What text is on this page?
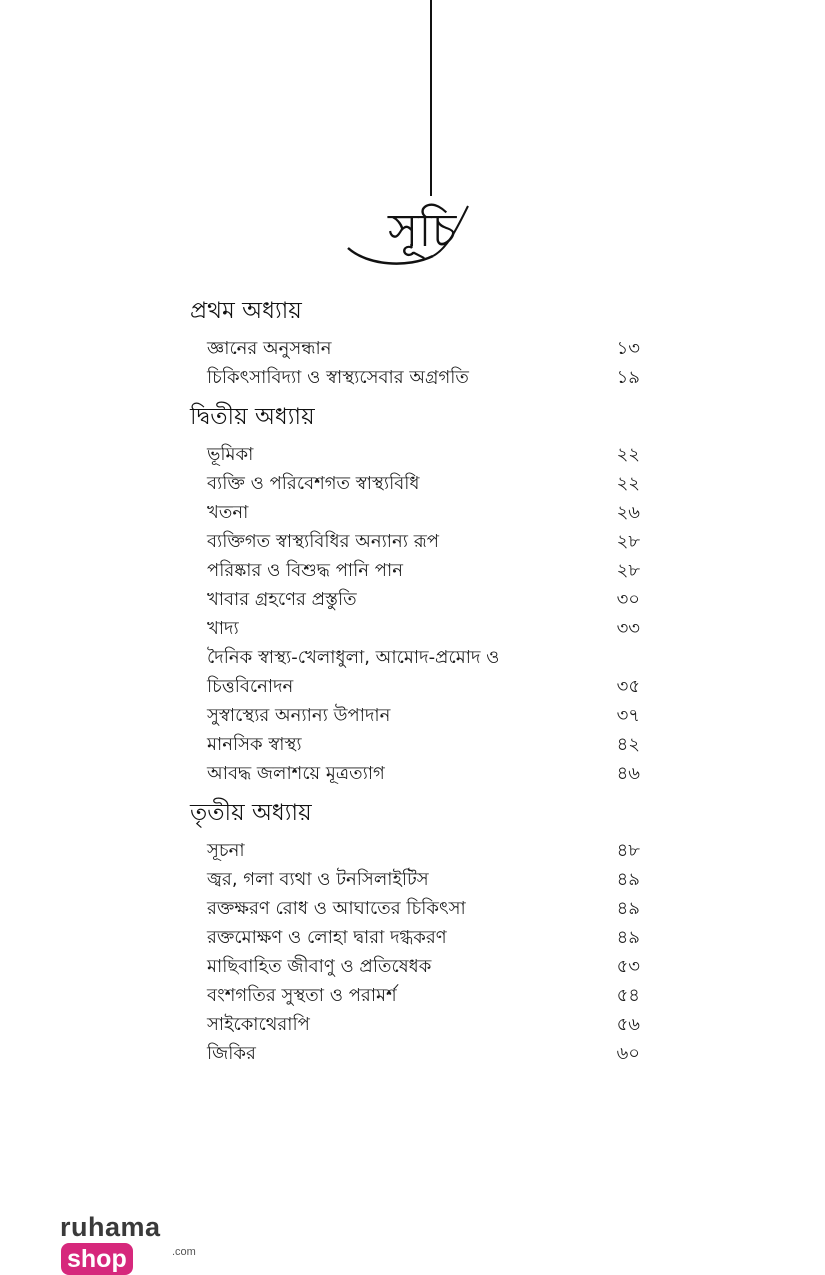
সূচি
প্রথম অধ্যায়
জ্ঞানের অনুসন্ধান	১৩
চিকিৎসাবিদ্যা ও স্বাস্থ্যসেবার অগ্রগতি	১৯
দ্বিতীয় অধ্যায়
ভূমিকা	২২
ব্যক্তি ও পরিবেশগত স্বাস্থ্যবিধি	২২
খতনা	২৬
ব্যক্তিগত স্বাস্থ্যবিধির অন্যান্য রূপ	২৮
পরিষ্কার ও বিশুদ্ধ পানি পান	২৮
খাবার গ্রহণের প্রস্তুতি	৩০
খাদ্য	৩৩
দৈনিক স্বাস্থ্য-খেলাধুলা, আমোদ-প্রমোদ ও
চিত্তবিনোদন	৩৫
সুস্বাস্থ্যের অন্যান্য উপাদান	৩৭
মানসিক স্বাস্থ্য	৪২
আবদ্ধ জলাশয়ে মূত্রত্যাগ	৪৬
তৃতীয় অধ্যায়
সূচনা	৪৮
জ্বর, গলা ব্যথা ও টনসিলাইটিস	৪৯
রক্তক্ষরণ রোধ ও আঘাতের চিকিৎসা	৪৯
রক্তমোক্ষণ ও লোহা দ্বারা দগ্ধকরণ	৪৯
মাছিবাহিত জীবাণু ও প্রতিষেধক	৫৩
বংশগতির সুস্থতা ও পরামর্শ	৫৪
সাইকোথেরাপি	৫৬
জিকির	৬০
ruhamashop	.com
